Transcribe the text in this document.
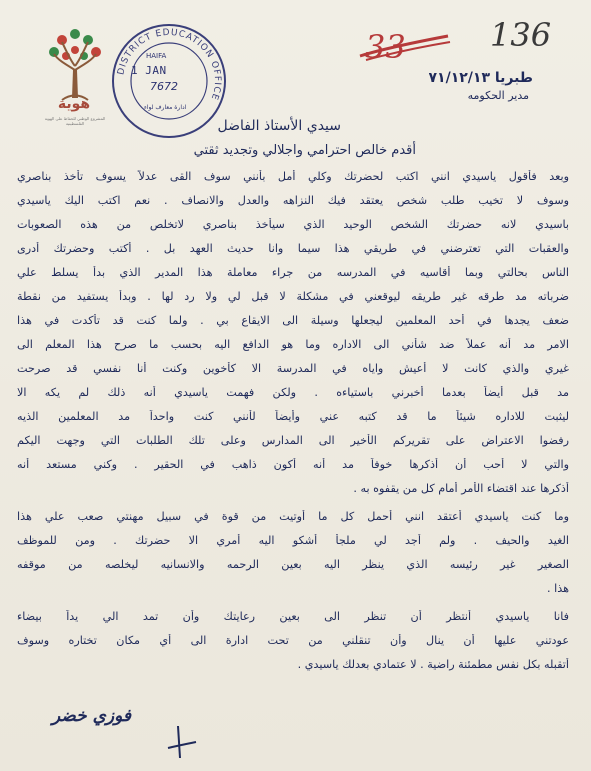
هوية
المشروع الوطني للحفاظ على الهوية الفلسطينية
DISTRICT EDUCATION OFFICE
HAIFA
1 JAN
7672
ادارة معارف لواء
33	136
طبريا ٧١/١٢/١٣
مدير الحكومه
سيدي الأستاذ الفاضل
أقدم خالص احترامي واجلالي وتجديد ثقتي
وبعد فأقول ياسيدي انني اكتب لحضرتك وكلي أمل بأنني سوف القى عدلاً يسوف تأخذ بناصري
وسوف لا تخيب طلب شخص يعتقد فيك النزاهه والعدل والانصاف . نعم اكتب اليك ياسيدي
باسيدي لانه حضرتك الشخص الوحيد الذي سيأخذ بناصري لاتخلص من هذه الصعوبات
والعقبات التي تعترضني في طريقي هذا سيما وانا حديث العهد بل . أكتب وحضرتك أدرى
الناس بحالتي وبما أقاسيه في المدرسه من جراء معاملة هذا المدير الذي بدأ يسلط علي
ضرباته مد طرقه غير طريقه ليوقعني في مشكلة لا قبل لي ولا رد لها . وبدأ يستفيد من نقطة
ضعف يجدها في أحد المعلمين ليجعلها وسيلة الى الايقاع بي . ولما كنت قد تأكدت في هذا
الامر مد أنه عملاً ضد شأني الى الاداره وما هو الدافع اليه بحسب ما صرح هذا المعلم الى
غيري والذي كانت لا أعيش واياه في المدرسة الا كأخوين وكنت أنا نفسي قد صرحت
مد قبل أيضاً بعدما أخبرني باستياءه . ولكن فهمت ياسيدي أنه ذلك لم يكه الا
ليثبت للاداره شيئاً ما قد كتبه عني وأيضاً لأنني كنت واحداً مد المعلمين الذيه
رفضوا الاعتراض على تقريركم الأخير الى المدارس وعلى تلك الطلبات التي وجهت اليكم
والتي لا أحب أن أذكرها خوفاً مد أنه أكون ذاهب في الحقير . وكني مستعد أنه
أذكرها عند اقتضاء الأمر أمام كل من يقفوه به .
وما كنت ياسيدي أعتقد انني أحمل كل ما أوتيت من قوة في سبيل مهنتي صعب علي هذا
الغيد والحيف . ولم أجد لي ملجأ أشكو اليه أمري الا حضرتك . ومن للموظف
الصغير غير رئيسه الذي ينظر اليه بعين الرحمه والانسانيه ليخلصه من موقفه
هذا .
فانا ياسيدي أنتظر أن تنظر الى بعين رعايتك وأن تمد الي يداً بيضاء
عودتني عليها أن ينال وأن تنقلني من تحت ادارة الى أي مكان تختاره وسوف
أتقبله بكل نفس مطمئنة راضية . لا عتمادي بعدلك ياسيدي .
فوزي خضر
